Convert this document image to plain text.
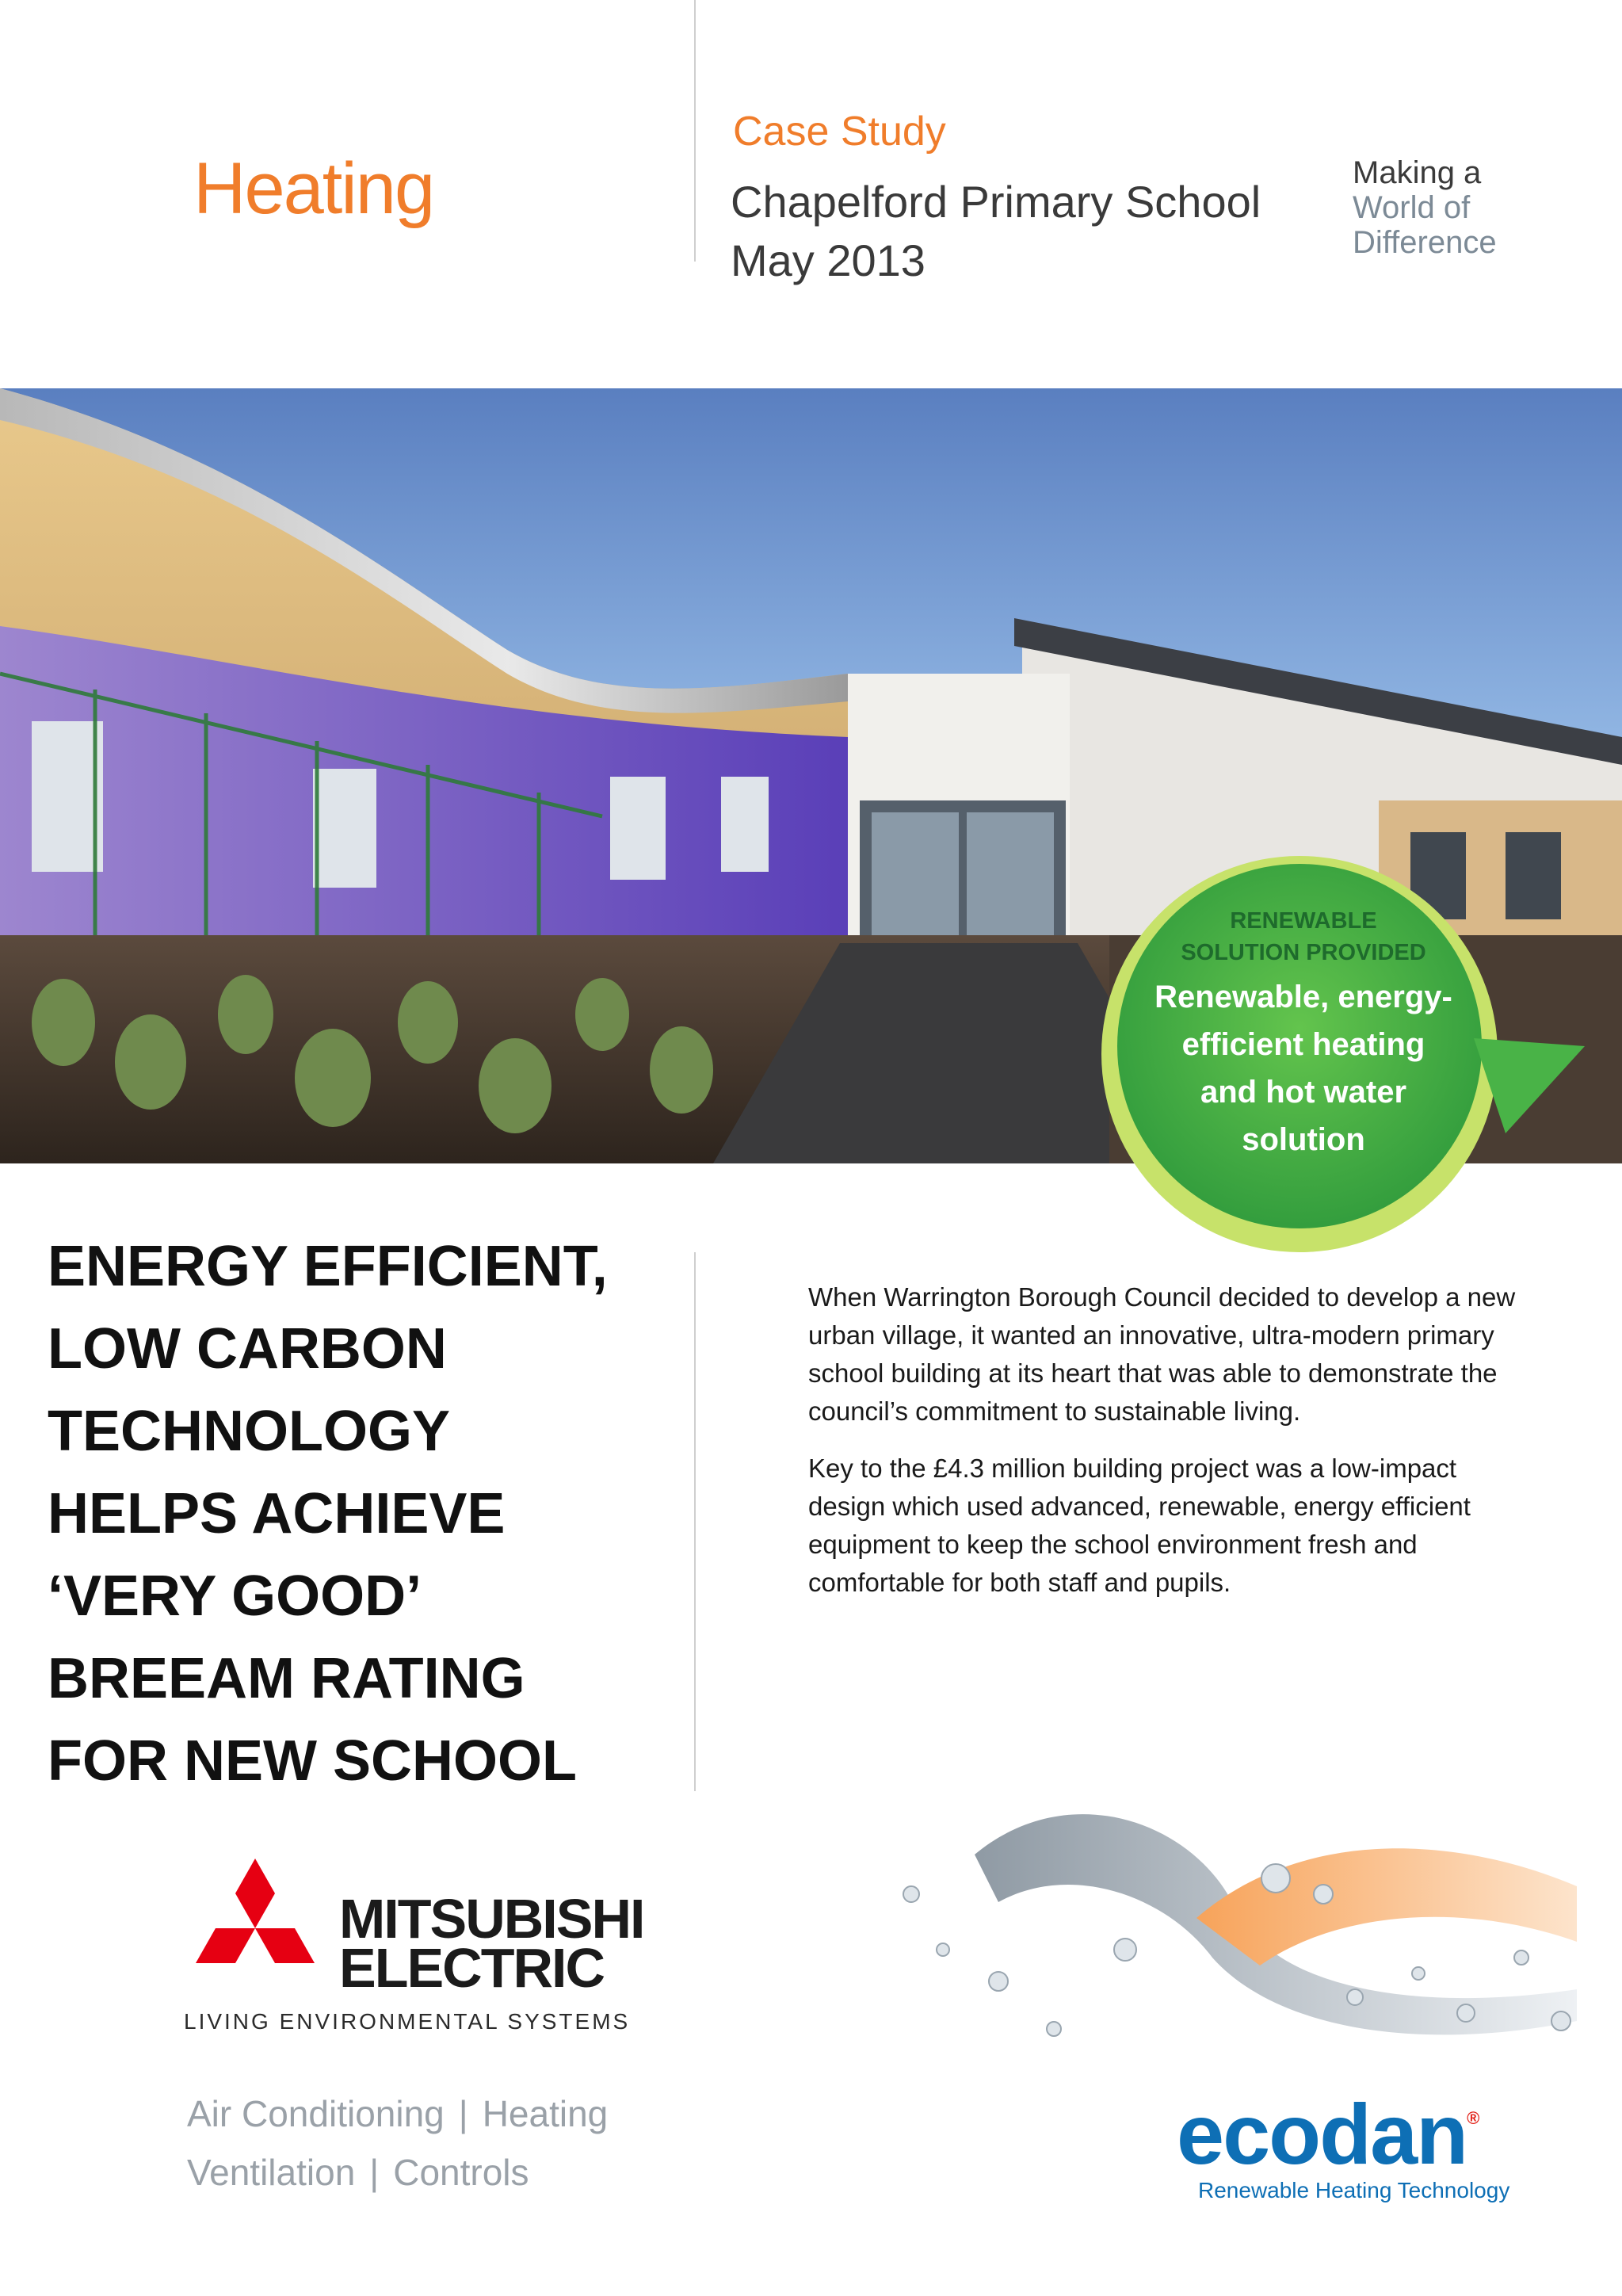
Heating
Case Study
Chapelford Primary School
May 2013
Making a
World of
Difference
RENEWABLE
SOLUTION PROVIDED
Renewable, energy-
efficient heating
and hot water
solution
ENERGY EFFICIENT,
LOW CARBON
TECHNOLOGY
HELPS ACHIEVE
‘VERY GOOD’
BREEAM RATING
FOR NEW SCHOOL

When Warrington Borough Council decided to develop a new urban village, it wanted an innovative, ultra-modern primary school building at its heart that was able to demonstrate the council’s commitment to sustainable living.

Key to the £4.3 million building project was a low-impact design which used advanced, renewable, energy efficient equipment to keep the school environment fresh and comfortable for both staff and pupils.

MITSUBISHI
ELECTRIC
LIVING ENVIRONMENTAL SYSTEMS
Air Conditioning | Heating
Ventilation | Controls	ecodan®
Renewable Heating Technology
